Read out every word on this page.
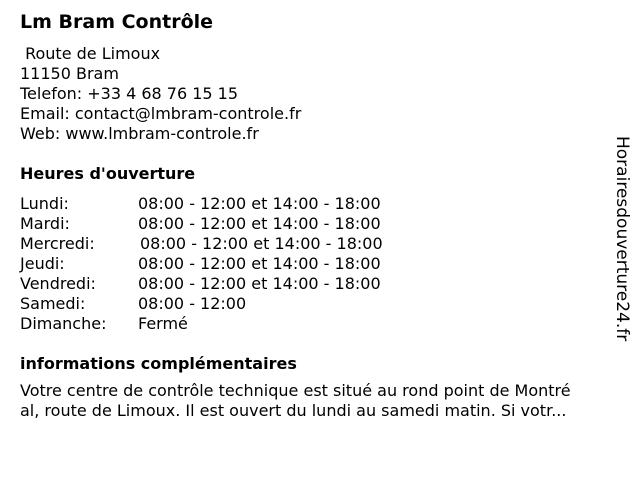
Lm Bram Contrôle
Route de Limoux
11150 Bram
Telefon: +33 4 68 76 15 15
Email: contact@lmbram-controle.fr
Web: www.lmbram-controle.fr
Heures d'ouverture
Lundi:	08:00 - 12:00 et 14:00 - 18:00
Mardi:	08:00 - 12:00 et 14:00 - 18:00
Mercredi:	08:00 - 12:00 et 14:00 - 18:00
Jeudi:	08:00 - 12:00 et 14:00 - 18:00
Vendredi:	08:00 - 12:00 et 14:00 - 18:00
Samedi:	08:00 - 12:00
Dimanche: Fermé
informations complémentaires
Votre centre de contrôle technique est situé au rond point de Montré
al, route de Limoux. Il est ouvert du lundi au samedi matin. Si votr...
Horairesdouverture24.fr
